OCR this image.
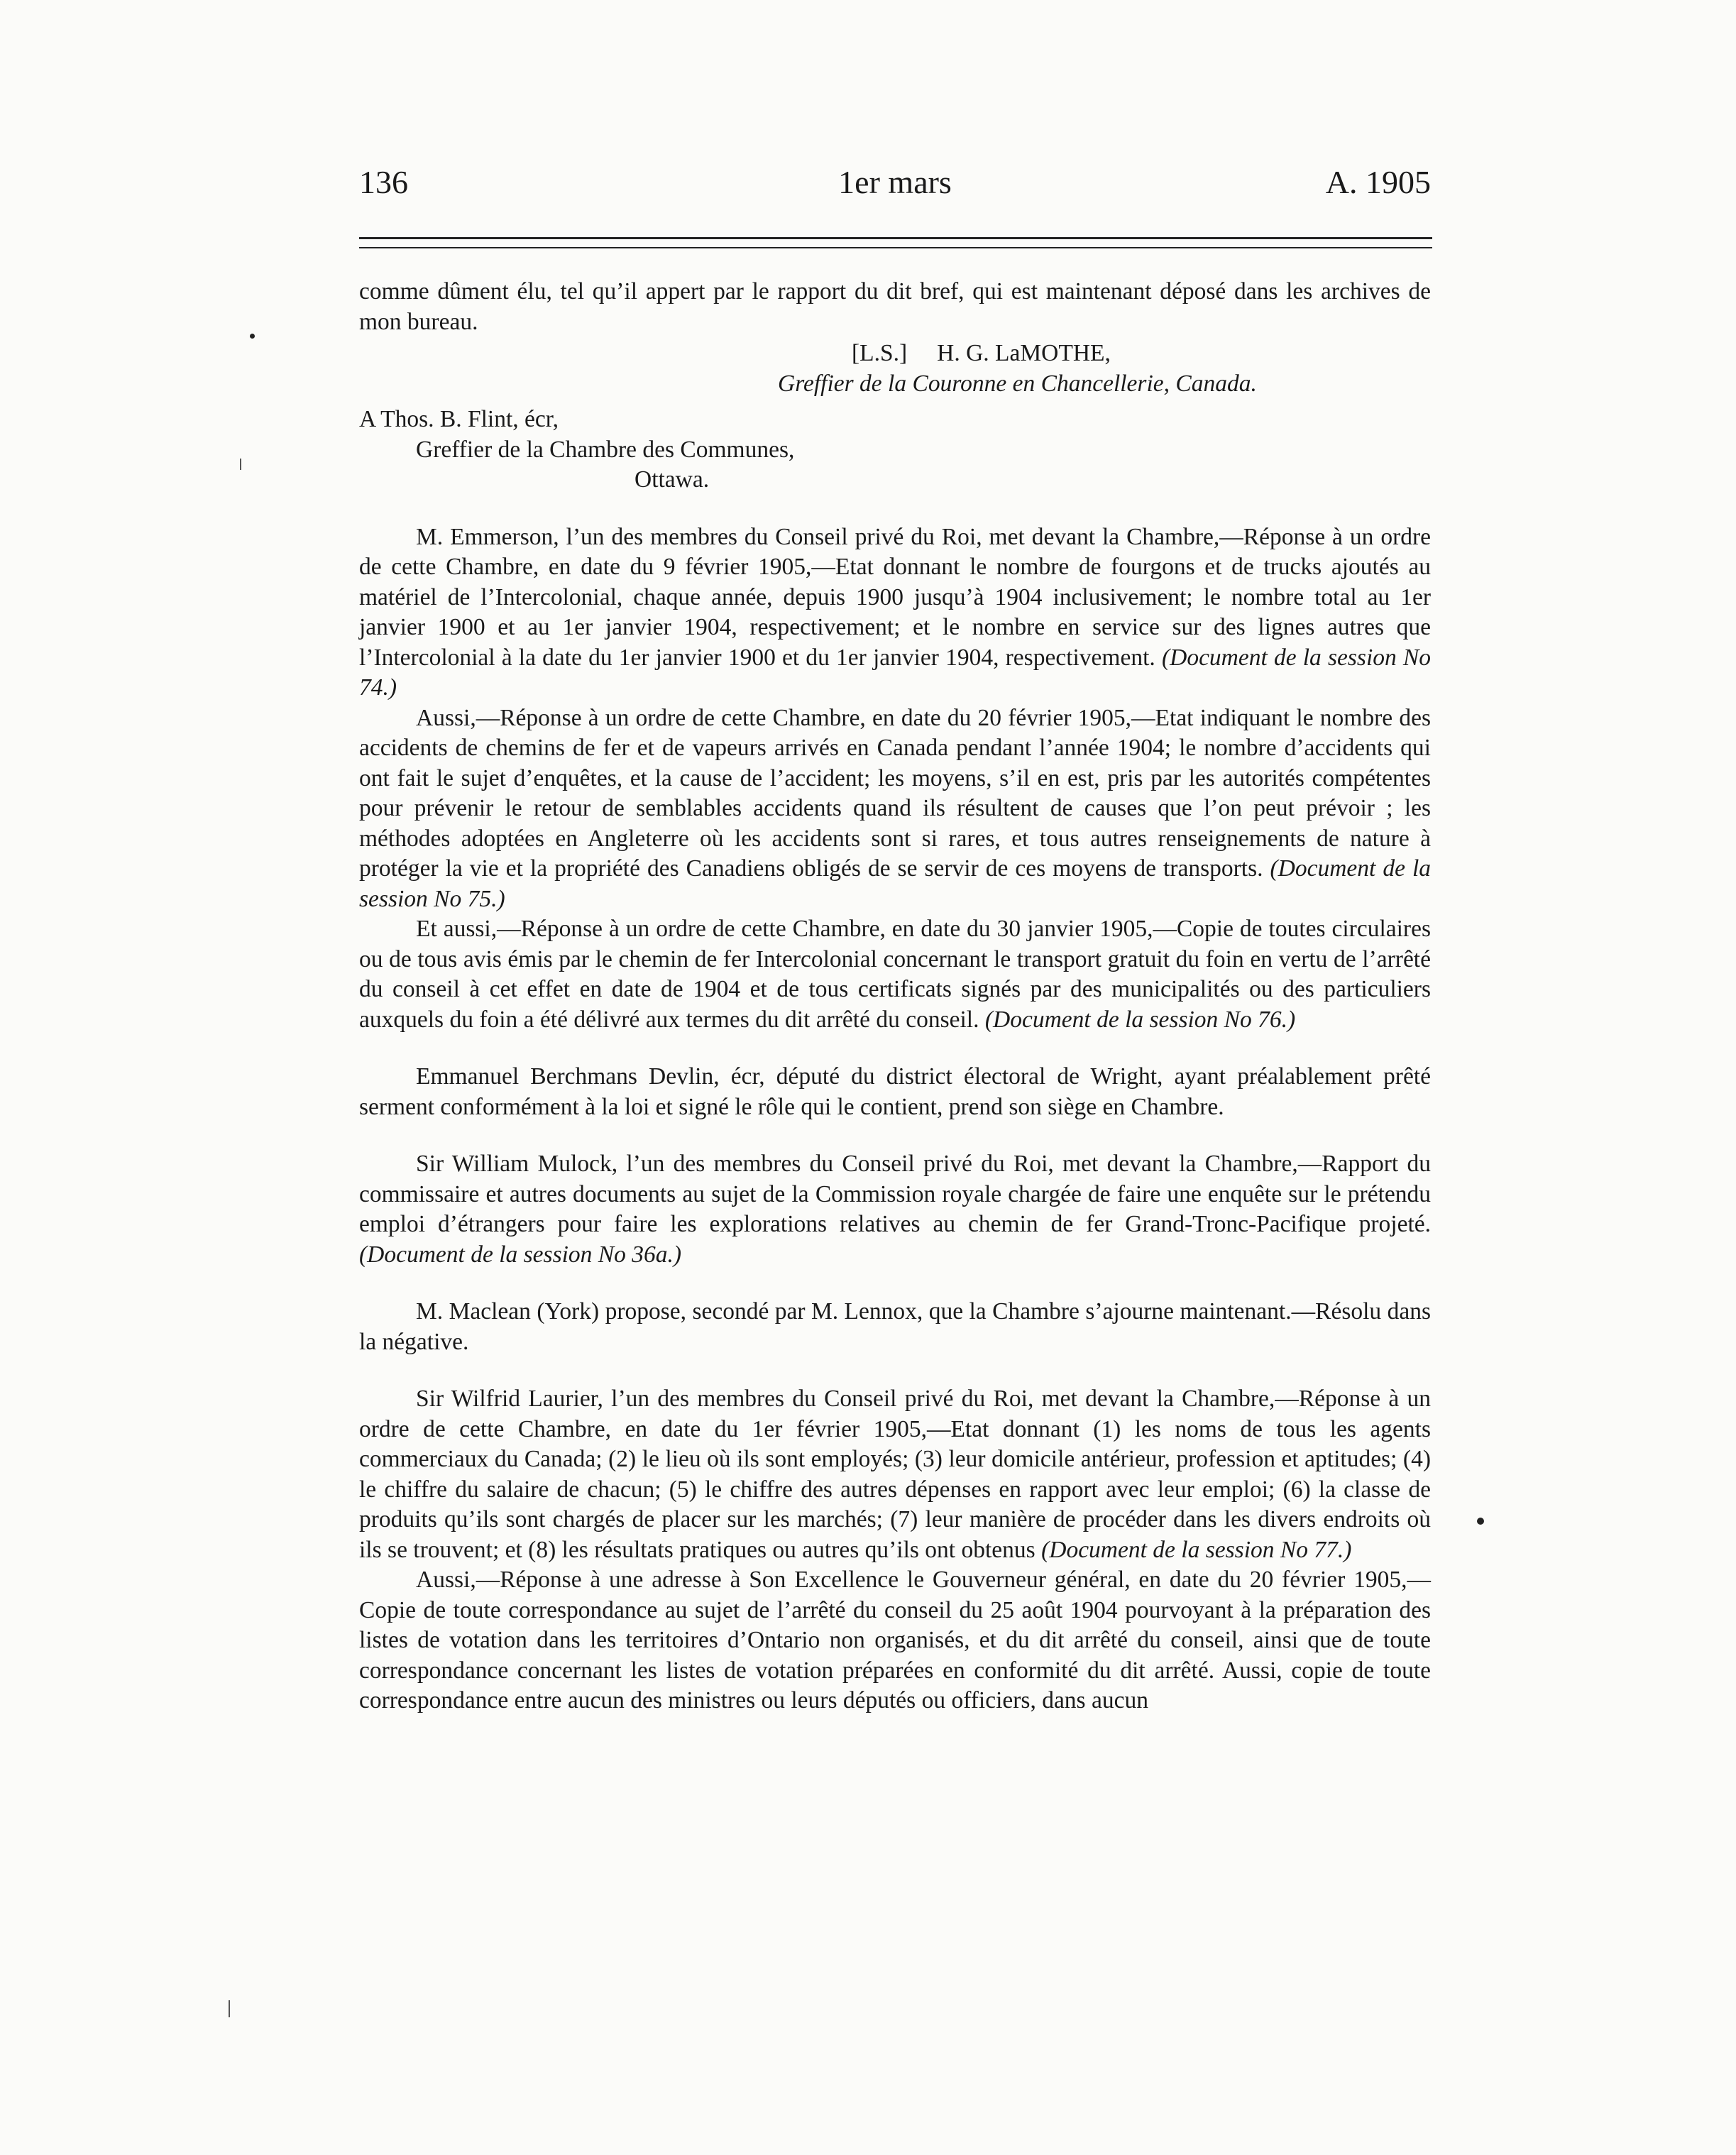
136	1er mars	A. 1905

comme dûment élu, tel qu’il appert par le rapport du dit bref, qui est maintenant déposé dans les archives de mon bureau.

[L.S.] H. G. LaMOTHE,

Greffier de la Couronne en Chancellerie, Canada.

A Thos. B. Flint, écr,

Greffier de la Chambre des Communes,

Ottawa.

M. Emmerson, l’un des membres du Conseil privé du Roi, met devant la Chambre,—Réponse à un ordre de cette Chambre, en date du 9 février 1905,—Etat donnant le nombre de fourgons et de trucks ajoutés au matériel de l’Intercolonial, chaque année, depuis 1900 jusqu’à 1904 inclusivement; le nombre total au 1er janvier 1900 et au 1er janvier 1904, respectivement; et le nombre en service sur des lignes autres que l’Intercolonial à la date du 1er janvier 1900 et du 1er janvier 1904, respectivement. (Document de la session No 74.)

Aussi,—Réponse à un ordre de cette Chambre, en date du 20 février 1905,—Etat indiquant le nombre des accidents de chemins de fer et de vapeurs arrivés en Canada pendant l’année 1904; le nombre d’accidents qui ont fait le sujet d’enquêtes, et la cause de l’accident; les moyens, s’il en est, pris par les autorités compétentes pour prévenir le retour de semblables accidents quand ils résultent de causes que l’on peut prévoir ; les méthodes adoptées en Angleterre où les accidents sont si rares, et tous autres renseignements de nature à protéger la vie et la propriété des Canadiens obligés de se servir de ces moyens de transports. (Document de la session No 75.)

Et aussi,—Réponse à un ordre de cette Chambre, en date du 30 janvier 1905,—Copie de toutes circulaires ou de tous avis émis par le chemin de fer Intercolonial concernant le transport gratuit du foin en vertu de l’arrêté du conseil à cet effet en date de 1904 et de tous certificats signés par des municipalités ou des particuliers auxquels du foin a été délivré aux termes du dit arrêté du conseil. (Document de la session No 76.)

Emmanuel Berchmans Devlin, écr, député du district électoral de Wright, ayant préalablement prêté serment conformément à la loi et signé le rôle qui le contient, prend son siège en Chambre.

Sir William Mulock, l’un des membres du Conseil privé du Roi, met devant la Chambre,—Rapport du commissaire et autres documents au sujet de la Commission royale chargée de faire une enquête sur le prétendu emploi d’étrangers pour faire les explorations relatives au chemin de fer Grand-Tronc-Pacifique projeté. (Document de la session No 36a.)

M. Maclean (York) propose, secondé par M. Lennox, que la Chambre s’ajourne maintenant.—Résolu dans la négative.

Sir Wilfrid Laurier, l’un des membres du Conseil privé du Roi, met devant la Chambre,—Réponse à un ordre de cette Chambre, en date du 1er février 1905,—Etat donnant (1) les noms de tous les agents commerciaux du Canada; (2) le lieu où ils sont employés; (3) leur domicile antérieur, profession et aptitudes; (4) le chiffre du salaire de chacun; (5) le chiffre des autres dépenses en rapport avec leur emploi; (6) la classe de produits qu’ils sont chargés de placer sur les marchés; (7) leur manière de procéder dans les divers endroits où ils se trouvent; et (8) les résultats pratiques ou autres qu’ils ont obtenus (Document de la session No 77.)

Aussi,—Réponse à une adresse à Son Excellence le Gouverneur général, en date du 20 février 1905,—Copie de toute correspondance au sujet de l’arrêté du conseil du 25 août 1904 pourvoyant à la préparation des listes de votation dans les territoires d’Ontario non organisés, et du dit arrêté du conseil, ainsi que de toute correspondance concernant les listes de votation préparées en conformité du dit arrêté. Aussi, copie de toute correspondance entre aucun des ministres ou leurs députés ou officiers, dans aucun
